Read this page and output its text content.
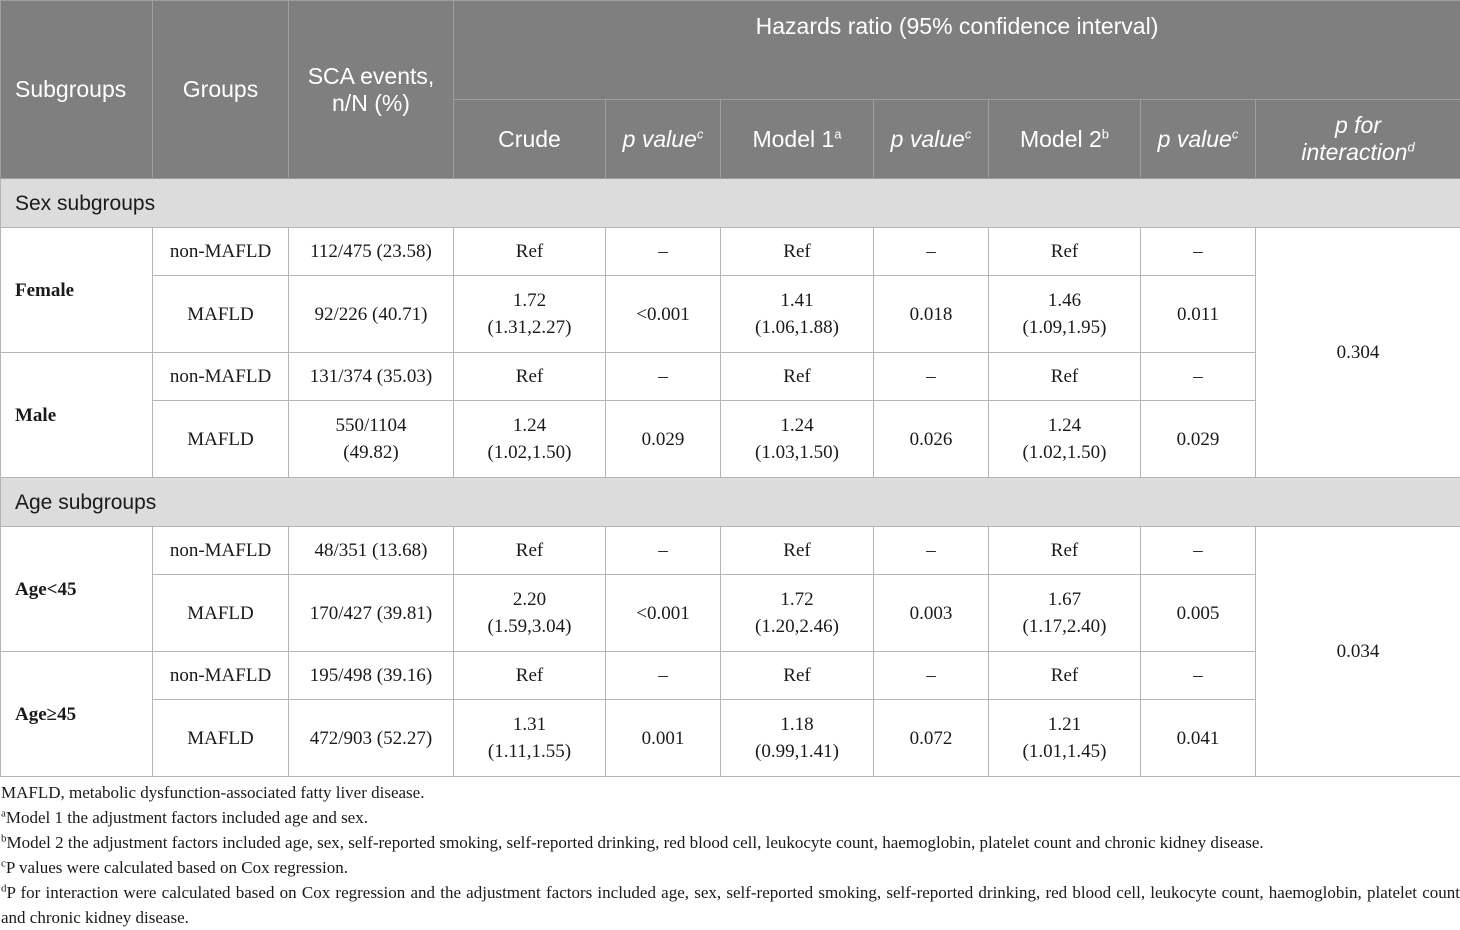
Subgroups	Groups	SCA events,
n/N (%)	Hazards ratio (95% confidence interval)						
			Crude	p value$^c$	Model 1$^a$	p value$^c$	Model 2$^b$	p value$^c$	p for
interaction$^d$
Sex subgroups									
Female	non-MAFLD	112/475 (23.58)	Ref	–	Ref	–	Ref	–	0.304
	MAFLD	92/226 (40.71)	1.72
(1.31,2.27)	<0.001	1.41
(1.06,1.88)	0.018	1.46
(1.09,1.95)	0.011	
Male	non-MAFLD	131/374 (35.03)	Ref	–	Ref	–	Ref	–	
	MAFLD	550/1104
(49.82)	1.24
(1.02,1.50)	0.029	1.24
(1.03,1.50)	0.026	1.24
(1.02,1.50)	0.029	
Age subgroups									
Age<45	non-MAFLD	48/351 (13.68)	Ref	–	Ref	–	Ref	–	0.034
	MAFLD	170/427 (39.81)	2.20
(1.59,3.04)	<0.001	1.72
(1.20,2.46)	0.003	1.67
(1.17,2.40)	0.005	
Age≥45	non-MAFLD	195/498 (39.16)	Ref	–	Ref	–	Ref	–	
	MAFLD	472/903 (52.27)	1.31
(1.11,1.55)	0.001	1.18
(0.99,1.41)	0.072	1.21
(1.01,1.45)	0.041	

MAFLD, metabolic dysfunction-associated fatty liver disease.

$^a$Model 1 the adjustment factors included age and sex.

$^b$Model 2 the adjustment factors included age, sex, self-reported smoking, self-reported drinking, red blood cell, leukocyte count, haemoglobin, platelet count and chronic kidney disease.

$^c$P values were calculated based on Cox regression.

$^d$P for interaction were calculated based on Cox regression and the adjustment factors included age, sex, self-reported smoking, self-reported drinking, red blood cell, leukocyte count, haemoglobin, platelet count and chronic kidney disease.
